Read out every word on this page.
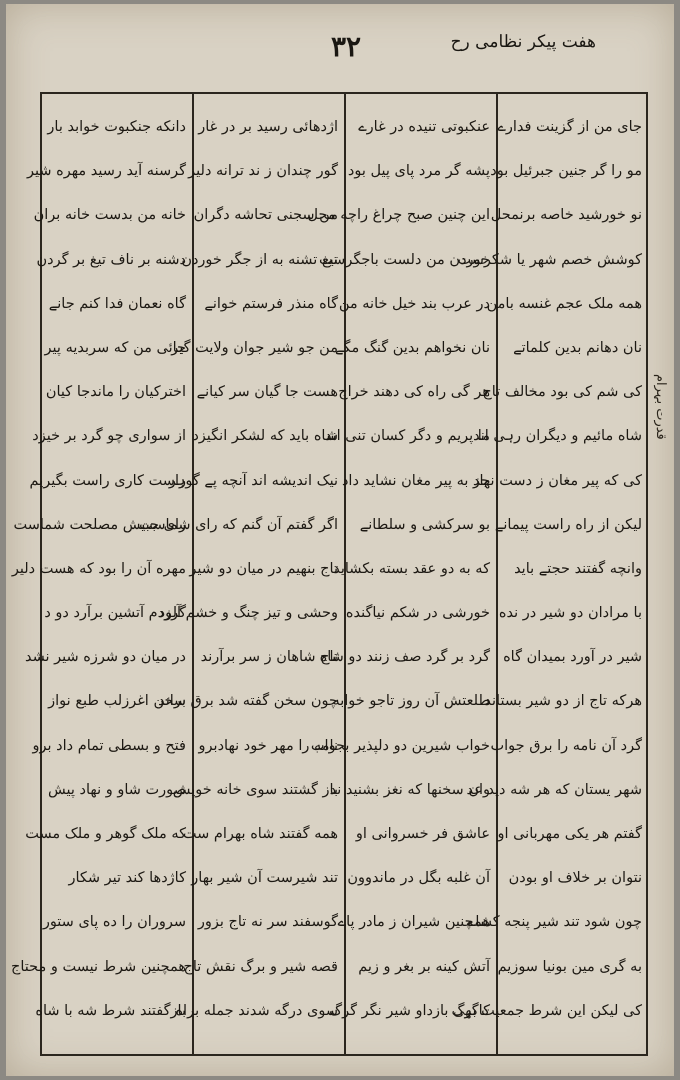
۳۲	هفت پیکر نظامی رح
جای من از گزینت فدارے
مو را گر جنین جبرئیل بود
نو خورشید خاصه برنمحل
کوشش خصم شهر یا شکرست
همه ملک عجم غنسه بامن
نان دهانم بدین کلماتے
کی شم کی بود مخالف تاج
شاه مائیم و دیگران رہی اند
کی که پیر مغان ز دست نهاد
لیکن از راه راست پیمانے
وانچه گفتند حجتے باید
با مرادان دو شیر در نده
شیر در آورد بمیدان گاه
هرکه تاج از دو شیر بستاند
گرد آن نامه را برق جواب
شهر یستان که هر شه دید عد
گفتم هر یکی مهربانی او
نتوان بر خلاف او بودن
چون شود تند شیر پنجه کشاے
به گری مین بونیا سوزیم
کی لیکن این شرط جمعیت برگ
عنکبوتی تنیده در غارے
پشه گر مرد پای پیل بود
این چنین صبح چراغ راچه محل
خوردن من دلست باجگرست
در عرب بند خیل خانه من
نان نخواهم بدین گنگ مگے
هر گی راه کی دهند خراج
ما پریم و دگر کسان تنی اند
جز به پیر مغان نشاید داد
بو سرکشی و سلطانے
که به دو عقد بسته بکشاید
خورشی در شکم نیاگنده
گرد بر گرد صف زنند دو شاه
طلعتش آن روز تاجو خوابه
خواب شیرین دو دلپذیر بجواب
وان سخنها که نغز بشنید ند
عاشق فر خسروانی او
آن غلبه بگل در ماندوون
همچنین شیران ز مادر پاے
آتش کینه بر بغر و زیم
کاگهی بازداو شیر نگر گرگ
اژدهائی رسید بر در غار
گور چندان ز ند ترانه دلیر
من سجنی تحاشه دگران
تیغ تشنه به از جگر خوردن
گاه منذر فرستم خوانے
من جو شیر جوان ولایت گیر
هست جا گیان سر کیانے
شاه باید که لشکر انگیزد
نیک اندیشه اند آنچه پے گوہر
اگر گفتم آن گنم که رای شماست
تاج بنهیم در میان دو شیر
وحشی و تیز چنگ و خشم آلود
تاج شاهان ز سر برآرند
چون سخن گفته شد برق براند
نامه را مهر خود نهادبرو
باز گشتند سوی خانه خویش
همه گفتند شاه بهرام ست
تند شیرست آن شیر بهار
گوسفند سر نه تاج بزور
قصه شیر و برگ نقش تاج
سوی درگه شدند جمله براه
دانکه جنکبوت خوابد بار
گرسنه آید رسید مهره شیر
خانه من بدست خانه بران
دشنه بر ناف تیغ بر گردن
گاه نعمان فدا کنم جانے
جائی من که سربدیه پیر
اخترکیان را ماندجا کیان
از سواری چو گرد بر خیزد
راست کاری راست بگیریم
رای جبیش مصلحت شماست
مهره آن را بود که هست دلیر
گرزدم آتشین برآرد دو د
در میان دو شرزه شیر نشد
سخن اغرزلب طبع نواز
فتح و بسطی تمام داد برو
صورت شاو و نهاد پیش
که ملک گوهر و ملک مست
کاژدها کند تیر شکار
سروران را ده پای ستور
همچنین شرط نیست و محتاج
بازگفتند شرط شه با شاه
قدرت بہرام
